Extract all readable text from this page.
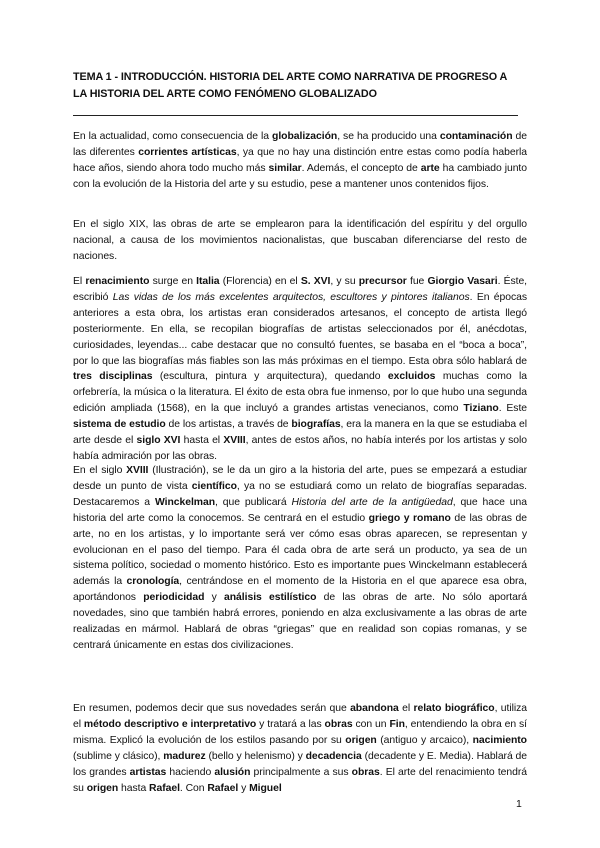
TEMA 1 - INTRODUCCIÓN. HISTORIA DEL ARTE COMO NARRATIVA DE PROGRESO A
LA HISTORIA DEL ARTE COMO FENÓMENO GLOBALIZADO
En la actualidad, como consecuencia de la globalización, se ha producido una contaminación de las diferentes corrientes artísticas, ya que no hay una distinción entre estas como podía haberla hace años, siendo ahora todo mucho más similar. Además, el concepto de arte ha cambiado junto con la evolución de la Historia del arte y su estudio, pese a mantener unos contenidos fijos.
En el siglo XIX, las obras de arte se emplearon para la identificación del espíritu y del orgullo nacional, a causa de los movimientos nacionalistas, que buscaban diferenciarse del resto de naciones.
El renacimiento surge en Italia (Florencia) en el S. XVI, y su precursor fue Giorgio Vasari. Éste, escribió Las vidas de los más excelentes arquitectos, escultores y pintores italianos. En épocas anteriores a esta obra, los artistas eran considerados artesanos, el concepto de artista llegó posteriormente. En ella, se recopilan biografías de artistas seleccionados por él, anécdotas, curiosidades, leyendas... cabe destacar que no consultó fuentes, se basaba en el “boca a boca”, por lo que las biografías más fiables son las más próximas en el tiempo. Esta obra sólo hablará de tres disciplinas (escultura, pintura y arquitectura), quedando excluidos muchas como la orfebrería, la música o la literatura. El éxito de esta obra fue inmenso, por lo que hubo una segunda edición ampliada (1568), en la que incluyó a grandes artistas venecianos, como Tiziano. Este sistema de estudio de los artistas, a través de biografías, era la manera en la que se estudiaba el arte desde el siglo XVI hasta el XVIII, antes de estos años, no había interés por los artistas y solo había admiración por las obras.
En el siglo XVIII (Ilustración), se le da un giro a la historia del arte, pues se empezará a estudiar desde un punto de vista científico, ya no se estudiará como un relato de biografías separadas. Destacaremos a Winckelman, que publicará Historia del arte de la antigüedad, que hace una historia del arte como la conocemos. Se centrará en el estudio griego y romano de las obras de arte, no en los artistas, y lo importante será ver cómo esas obras aparecen, se representan y evolucionan en el paso del tiempo. Para él cada obra de arte será un producto, ya sea de un sistema político, sociedad o momento histórico. Esto es importante pues Winckelmann establecerá además la cronología, centrándose en el momento de la Historia en el que aparece esa obra, aportándonos periodicidad y análisis estilístico de las obras de arte. No sólo aportará novedades, sino que también habrá errores, poniendo en alza exclusivamente a las obras de arte realizadas en mármol. Hablará de obras “griegas” que en realidad son copias romanas, y se centrará únicamente en estas dos civilizaciones.
En resumen, podemos decir que sus novedades serán que abandona el relato biográfico, utiliza el método descriptivo e interpretativo y tratará a las obras con un Fin, entendiendo la obra en sí misma. Explicó la evolución de los estilos pasando por su origen (antiguo y arcaico), nacimiento (sublime y clásico), madurez (bello y helenismo) y decadencia (decadente y E. Media). Hablará de los grandes artistas haciendo alusión principalmente a sus obras. El arte del renacimiento tendrá su origen hasta Rafael. Con Rafael y Miguel
1
